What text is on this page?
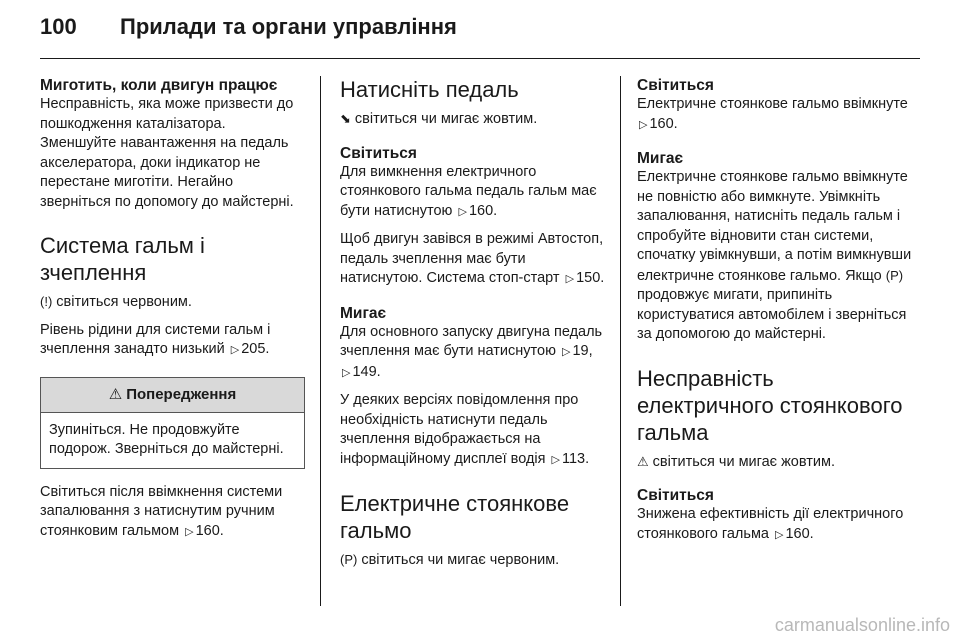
100 Прилади та органи управління
Миготить, коли двигун працює

Несправність, яка може призвести до пошкодження каталізатора. Зменшуйте навантаження на педаль акселератора, доки індикатор не перестане миготіти. Негайно зверніться по допомогу до майстерні.

Система гальм і зчеплення

(!) світиться червоним.

Рівень рідини для системи гальм і зчеплення занадто низький ▷ 205.

⚠ Попередження
Зупиніться. Не продовжуйте подорож. Зверніться до майстерні.

Світиться після ввімкнення системи запалювання з натиснутим ручним стоянковим гальмом ▷ 160.

Натисніть педаль

⬊ світиться чи мигає жовтим.

Світиться

Для вимкнення електричного стоянкового гальма педаль гальм має бути натиснутою ▷ 160.

Щоб двигун завівся в режимі Автостоп, педаль зчеплення має бути натиснутою. Система стоп-старт ▷ 150.

Мигає

Для основного запуску двигуна педаль зчеплення має бути натиснутою ▷ 19, ▷ 149.

У деяких версіях повідомлення про необхідність натиснути педаль зчеплення відображається на інформаційному дисплеї водія ▷ 113.

Електричне стоянкове гальмо

(P) світиться чи мигає червоним.

Світиться

Електричне стоянкове гальмо ввімкнуте ▷ 160.

Мигає

Електричне стоянкове гальмо ввімкнуте не повністю або вимкнуте. Увімкніть запалювання, натисніть педаль гальм і спробуйте відновити стан системи, спочатку увімкнувши, а потім вимкнувши електричне стоянкове гальмо. Якщо (P)продовжує мигати, припиніть користуватися автомобілем і зверніться за допомогою до майстерні.

Несправність електричного стоянкового гальма

⚠ світиться чи мигає жовтим.

Світиться

Знижена ефективність дії електричного стоянкового гальма ▷ 160.

carmanualsonline.info
